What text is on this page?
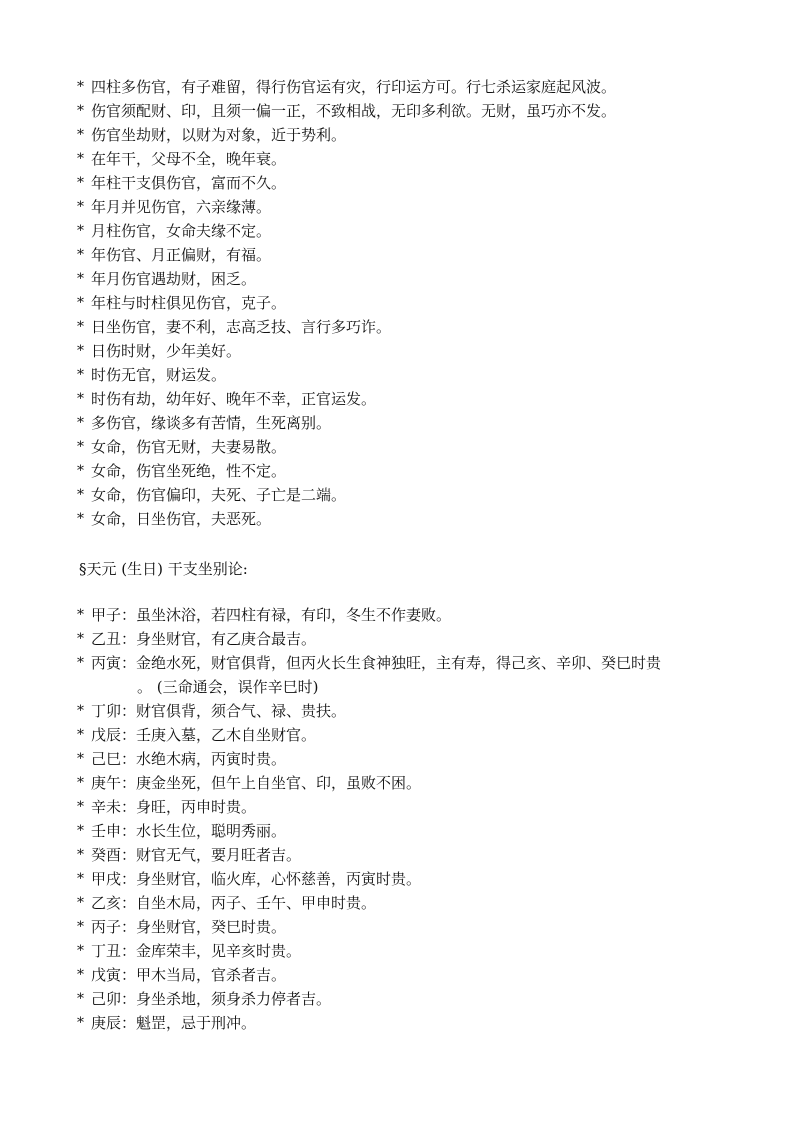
* 四柱多伤官，有子难留，得行伤官运有灾，行印运方可。行七杀运家庭起风波。
* 伤官须配财、印，且须一偏一正，不致相战，无印多利欲。无财，虽巧亦不发。
* 伤官坐劫财，以财为对象，近于势利。
* 在年干，父母不全，晚年衰。
* 年柱干支俱伤官，富而不久。
* 年月并见伤官，六亲缘薄。
* 月柱伤官，女命夫缘不定。
* 年伤官、月正偏财，有福。
* 年月伤官遇劫财，困乏。
* 年柱与时柱俱见伤官，克子。
* 日坐伤官，妻不利，志高乏技、言行多巧诈。
* 日伤时财，少年美好。
* 时伤无官，财运发。
* 时伤有劫，幼年好、晚年不幸，正官运发。
* 多伤官，缘谈多有苦情，生死离别。
* 女命，伤官无财，夫妻易散。
* 女命，伤官坐死绝，性不定。
* 女命，伤官偏印，夫死、子亡是二端。
* 女命，日坐伤官，夫恶死。
§天元 (生日) 干支坐别论:
* 甲子：虽坐沐浴，若四柱有禄，有印，冬生不作妻败。
* 乙丑：身坐财官，有乙庚合最吉。
* 丙寅：金绝水死，财官俱背，但丙火长生食神独旺，主有寿，得己亥、辛卯、癸巳时贵
。 (三命通会，误作辛巳时)
* 丁卯：财官俱背，须合气、禄、贵扶。
* 戊辰：壬庚入墓，乙木自坐财官。
* 己巳：水绝木病，丙寅时贵。
* 庚午：庚金坐死，但午上自坐官、印，虽败不困。
* 辛未：身旺，丙申时贵。
* 壬申：水长生位，聪明秀丽。
* 癸酉：财官无气，要月旺者吉。
* 甲戌：身坐财官，临火库，心怀慈善，丙寅时贵。
* 乙亥：自坐木局，丙子、壬午、甲申时贵。
* 丙子：身坐财官，癸巳时贵。
* 丁丑：金库荣丰，见辛亥时贵。
* 戊寅：甲木当局，官杀者吉。
* 己卯：身坐杀地，须身杀力停者吉。
* 庚辰：魁罡，忌于刑冲。
